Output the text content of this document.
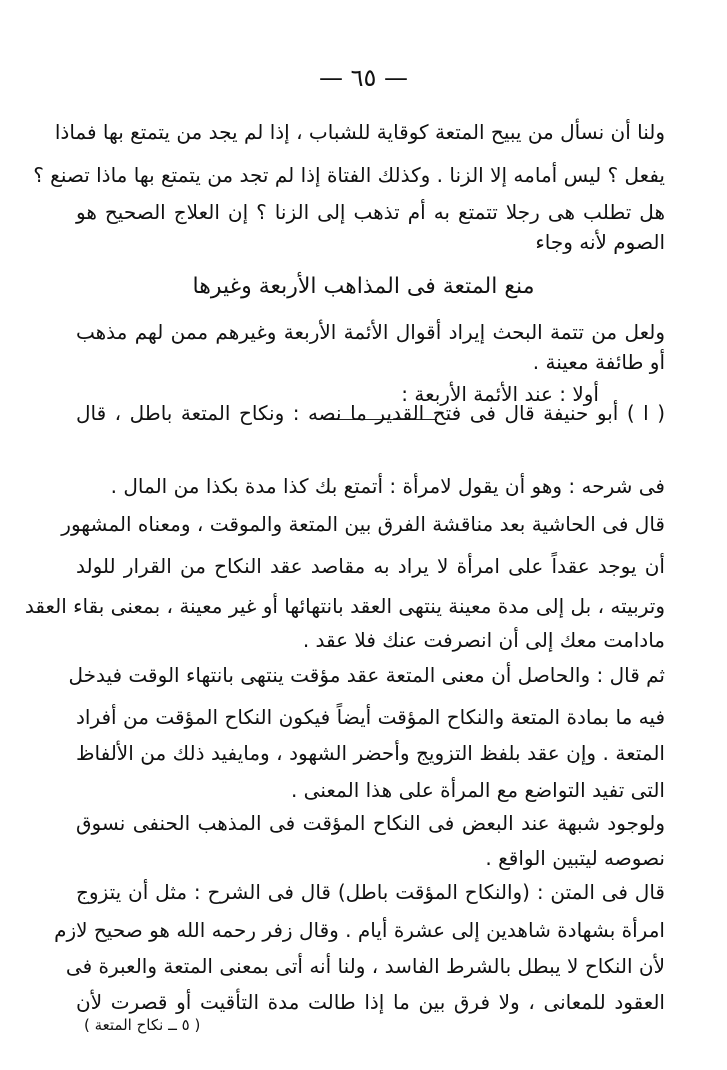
— ٦٥ —
ولنا أن نسأل من يبيح المتعة كوقاية للشباب ، إذا لم يجد من يتمتع بها فماذا
يفعل ؟ ليس أمامه إلا الزنا . وكذلك الفتاة إذا لم تجد من يتمتع بها ماذا تصنع ؟
هل تطلب هى رجلا تتمتع به أم تذهب إلى الزنا ؟ إن العلاج الصحيح هو
الصوم لأنه وجاء
منع المتعة فى المذاهب الأربعة وغيرها
ولعل من تتمة البحث إيراد أقوال الأئمة الأربعة وغيرهم ممن لهم مذهب
أو طائفة معينة .
أولا : عند الأئمة الأربعة :
( ا ) أبو حنيفة قال فى فتح القدير ما نصه : ونكاح المتعة باطل ، قال
فى شرحه : وهو أن يقول لامرأة : أتمتع بك كذا مدة بكذا من المال .
قال فى الحاشية بعد مناقشة الفرق بين المتعة والموقت ، ومعناه المشهور
أن يوجد عقداً على امرأة لا يراد به مقاصد عقد النكاح من القرار للولد
وتربيته ، بل إلى مدة معينة ينتهى العقد بانتهائها أو غير معينة ، بمعنى بقاء العقد
مادامت معك إلى أن انصرفت عنك فلا عقد .
ثم قال : والحاصل أن معنى المتعة عقد مؤقت ينتهى بانتهاء الوقت فيدخل
فيه ما بمادة المتعة والنكاح المؤقت أيضاً فيكون النكاح المؤقت من أفراد
المتعة . وإن عقد بلفظ التزويج وأحضر الشهود ، ومايفيد ذلك من الألفاظ
التى تفيد التواضع مع المرأة على هذا المعنى .
ولوجود شبهة عند البعض فى النكاح المؤقت فى المذهب الحنفى نسوق
نصوصه ليتبين الواقع .
قال فى المتن : (والنكاح المؤقت باطل) قال فى الشرح : مثل أن يتزوج
امرأة بشهادة شاهدين إلى عشرة أيام . وقال زفر رحمه الله هو صحيح لازم
لأن النكاح لا يبطل بالشرط الفاسد ، ولنا أنه أتى بمعنى المتعة والعبرة فى
العقود للمعانى ، ولا فرق بين ما إذا طالت مدة التأقيت أو قصرت لأن
( ٥ ــ نكاح المتعة )
